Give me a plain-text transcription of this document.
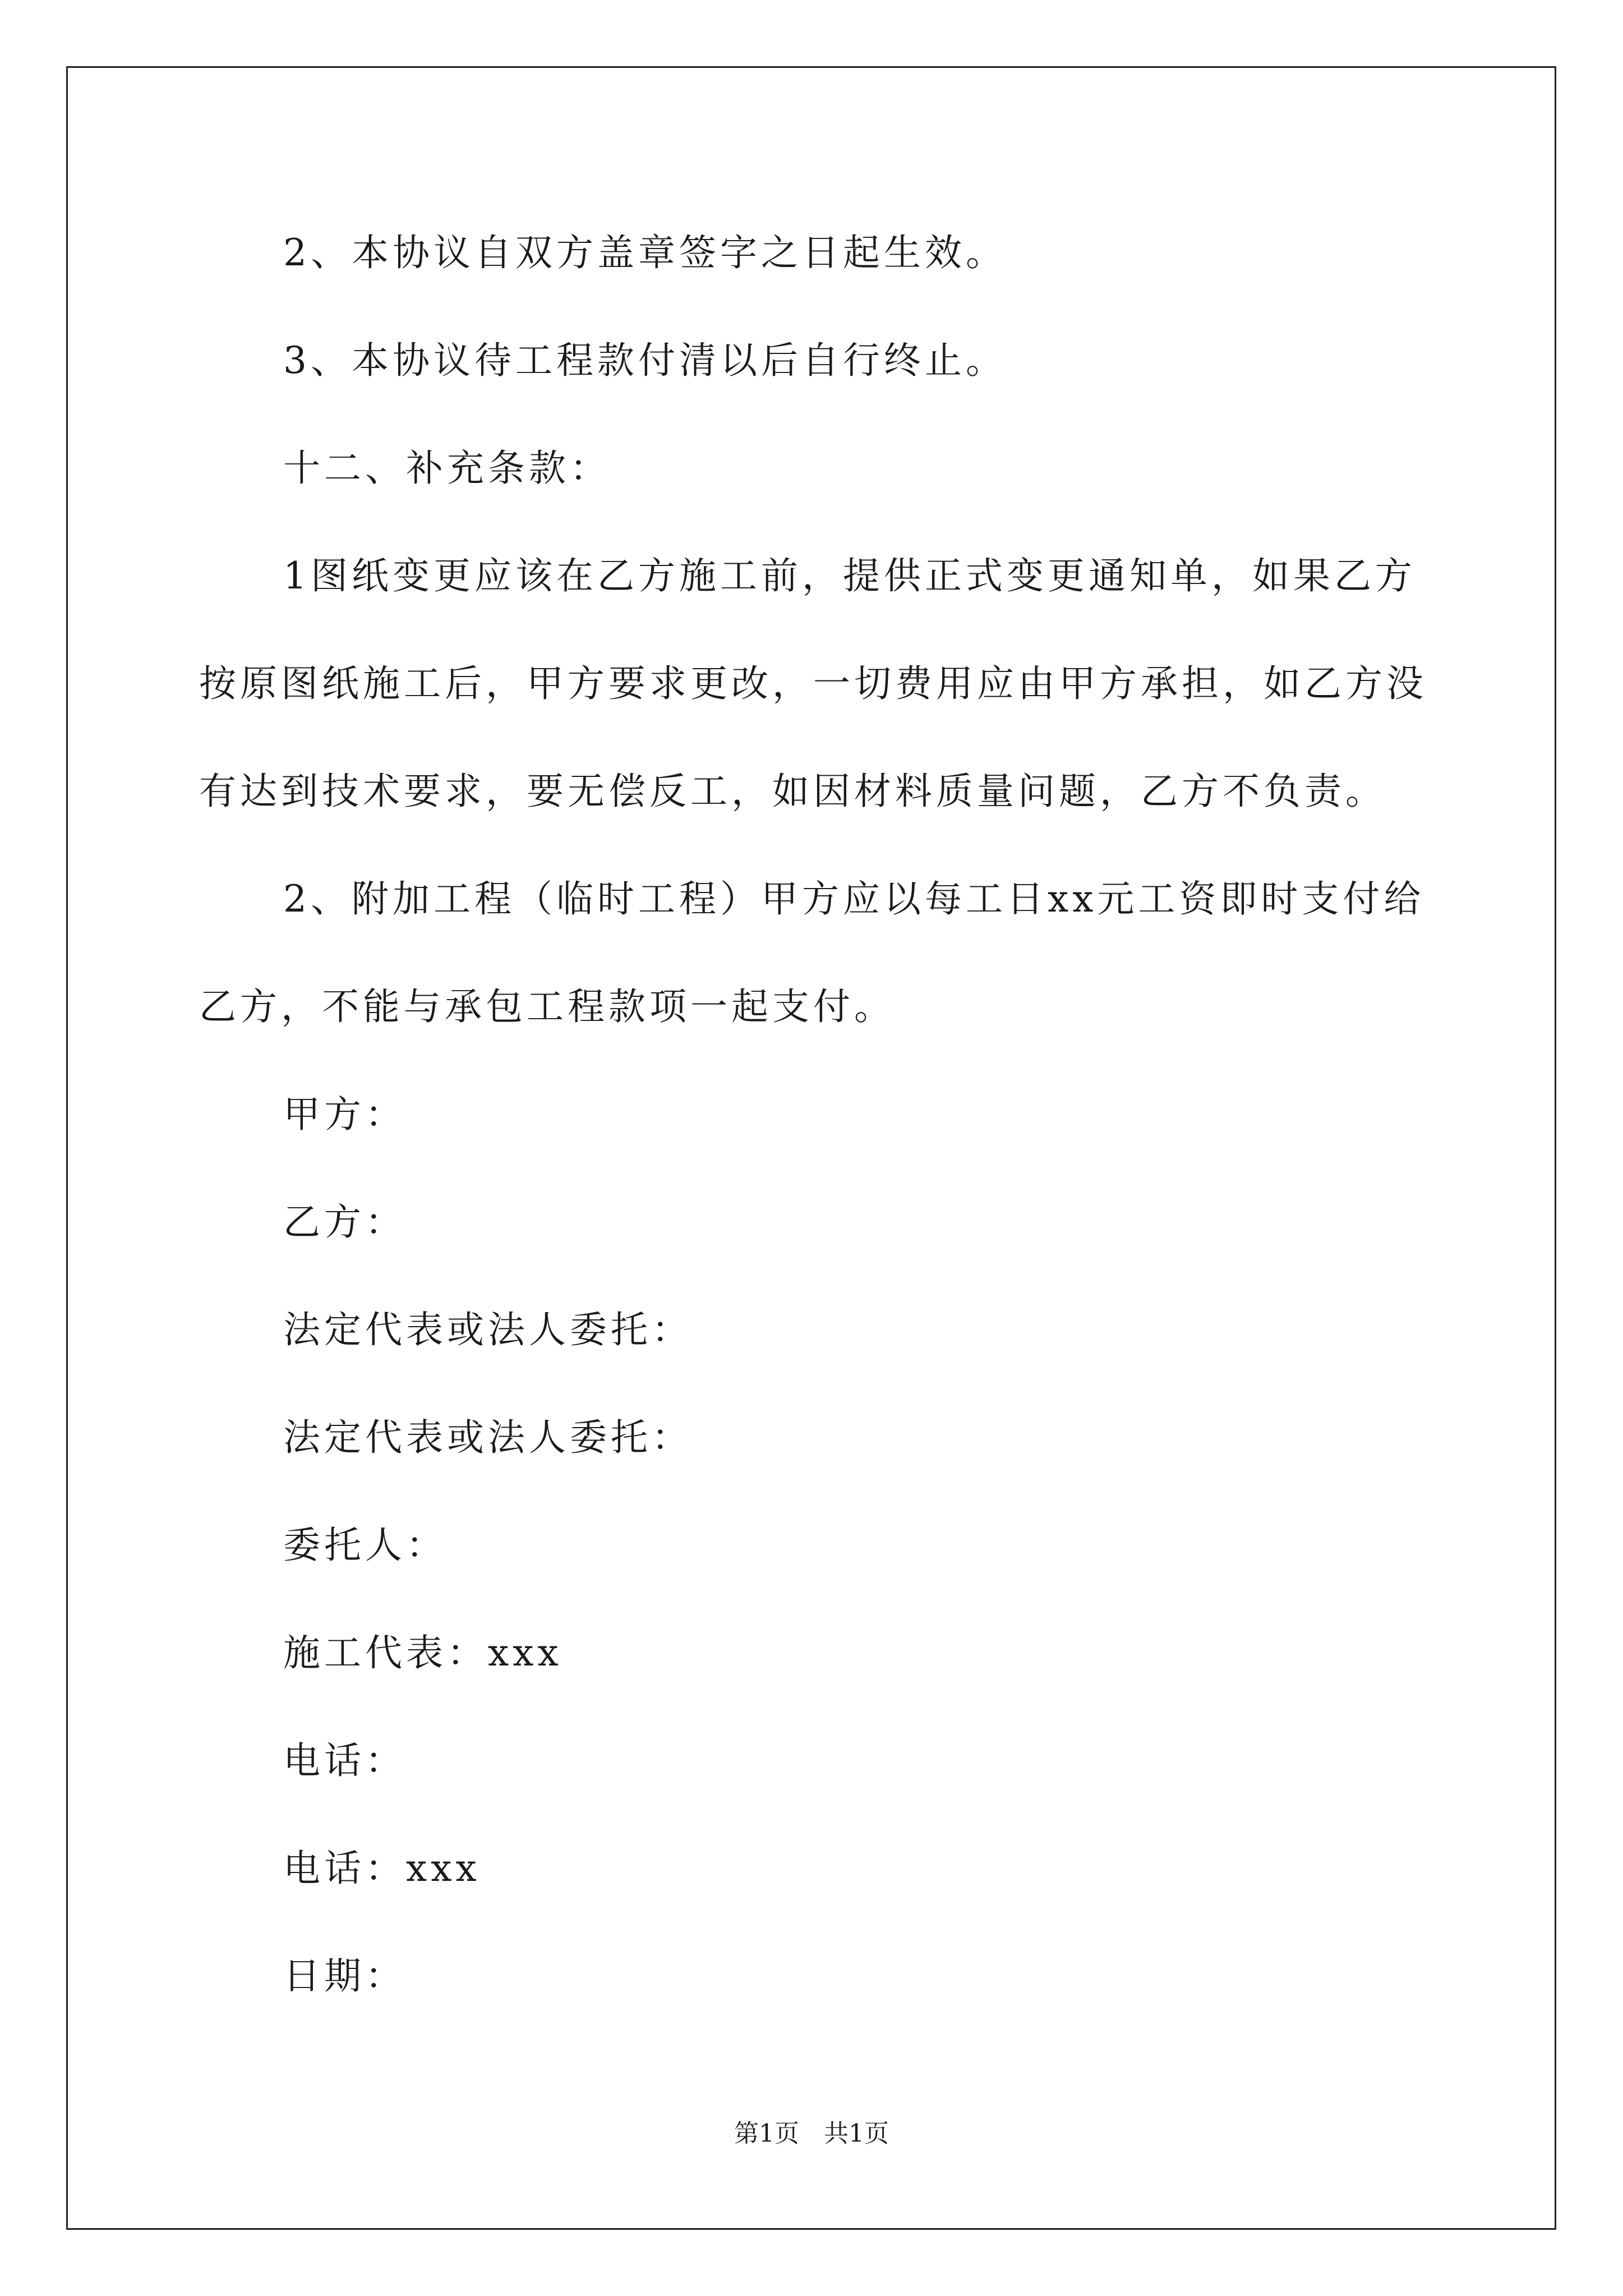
2、本协议自双方盖章签字之日起生效。

3、本协议待工程款付清以后自行终止。

十二、补充条款：

1图纸变更应该在乙方施工前，提供正式变更通知单，如果乙方

按原图纸施工后，甲方要求更改，一切费用应由甲方承担，如乙方没

有达到技术要求，要无偿反工，如因材料质量问题，乙方不负责。

2、附加工程（临时工程）甲方应以每工日xx元工资即时支付给

乙方，不能与承包工程款项一起支付。

甲方：

乙方：

法定代表或法人委托：

法定代表或法人委托：

委托人：

施工代表：xxx

电话：

电话：xxx

日期：

第1页　共1页
